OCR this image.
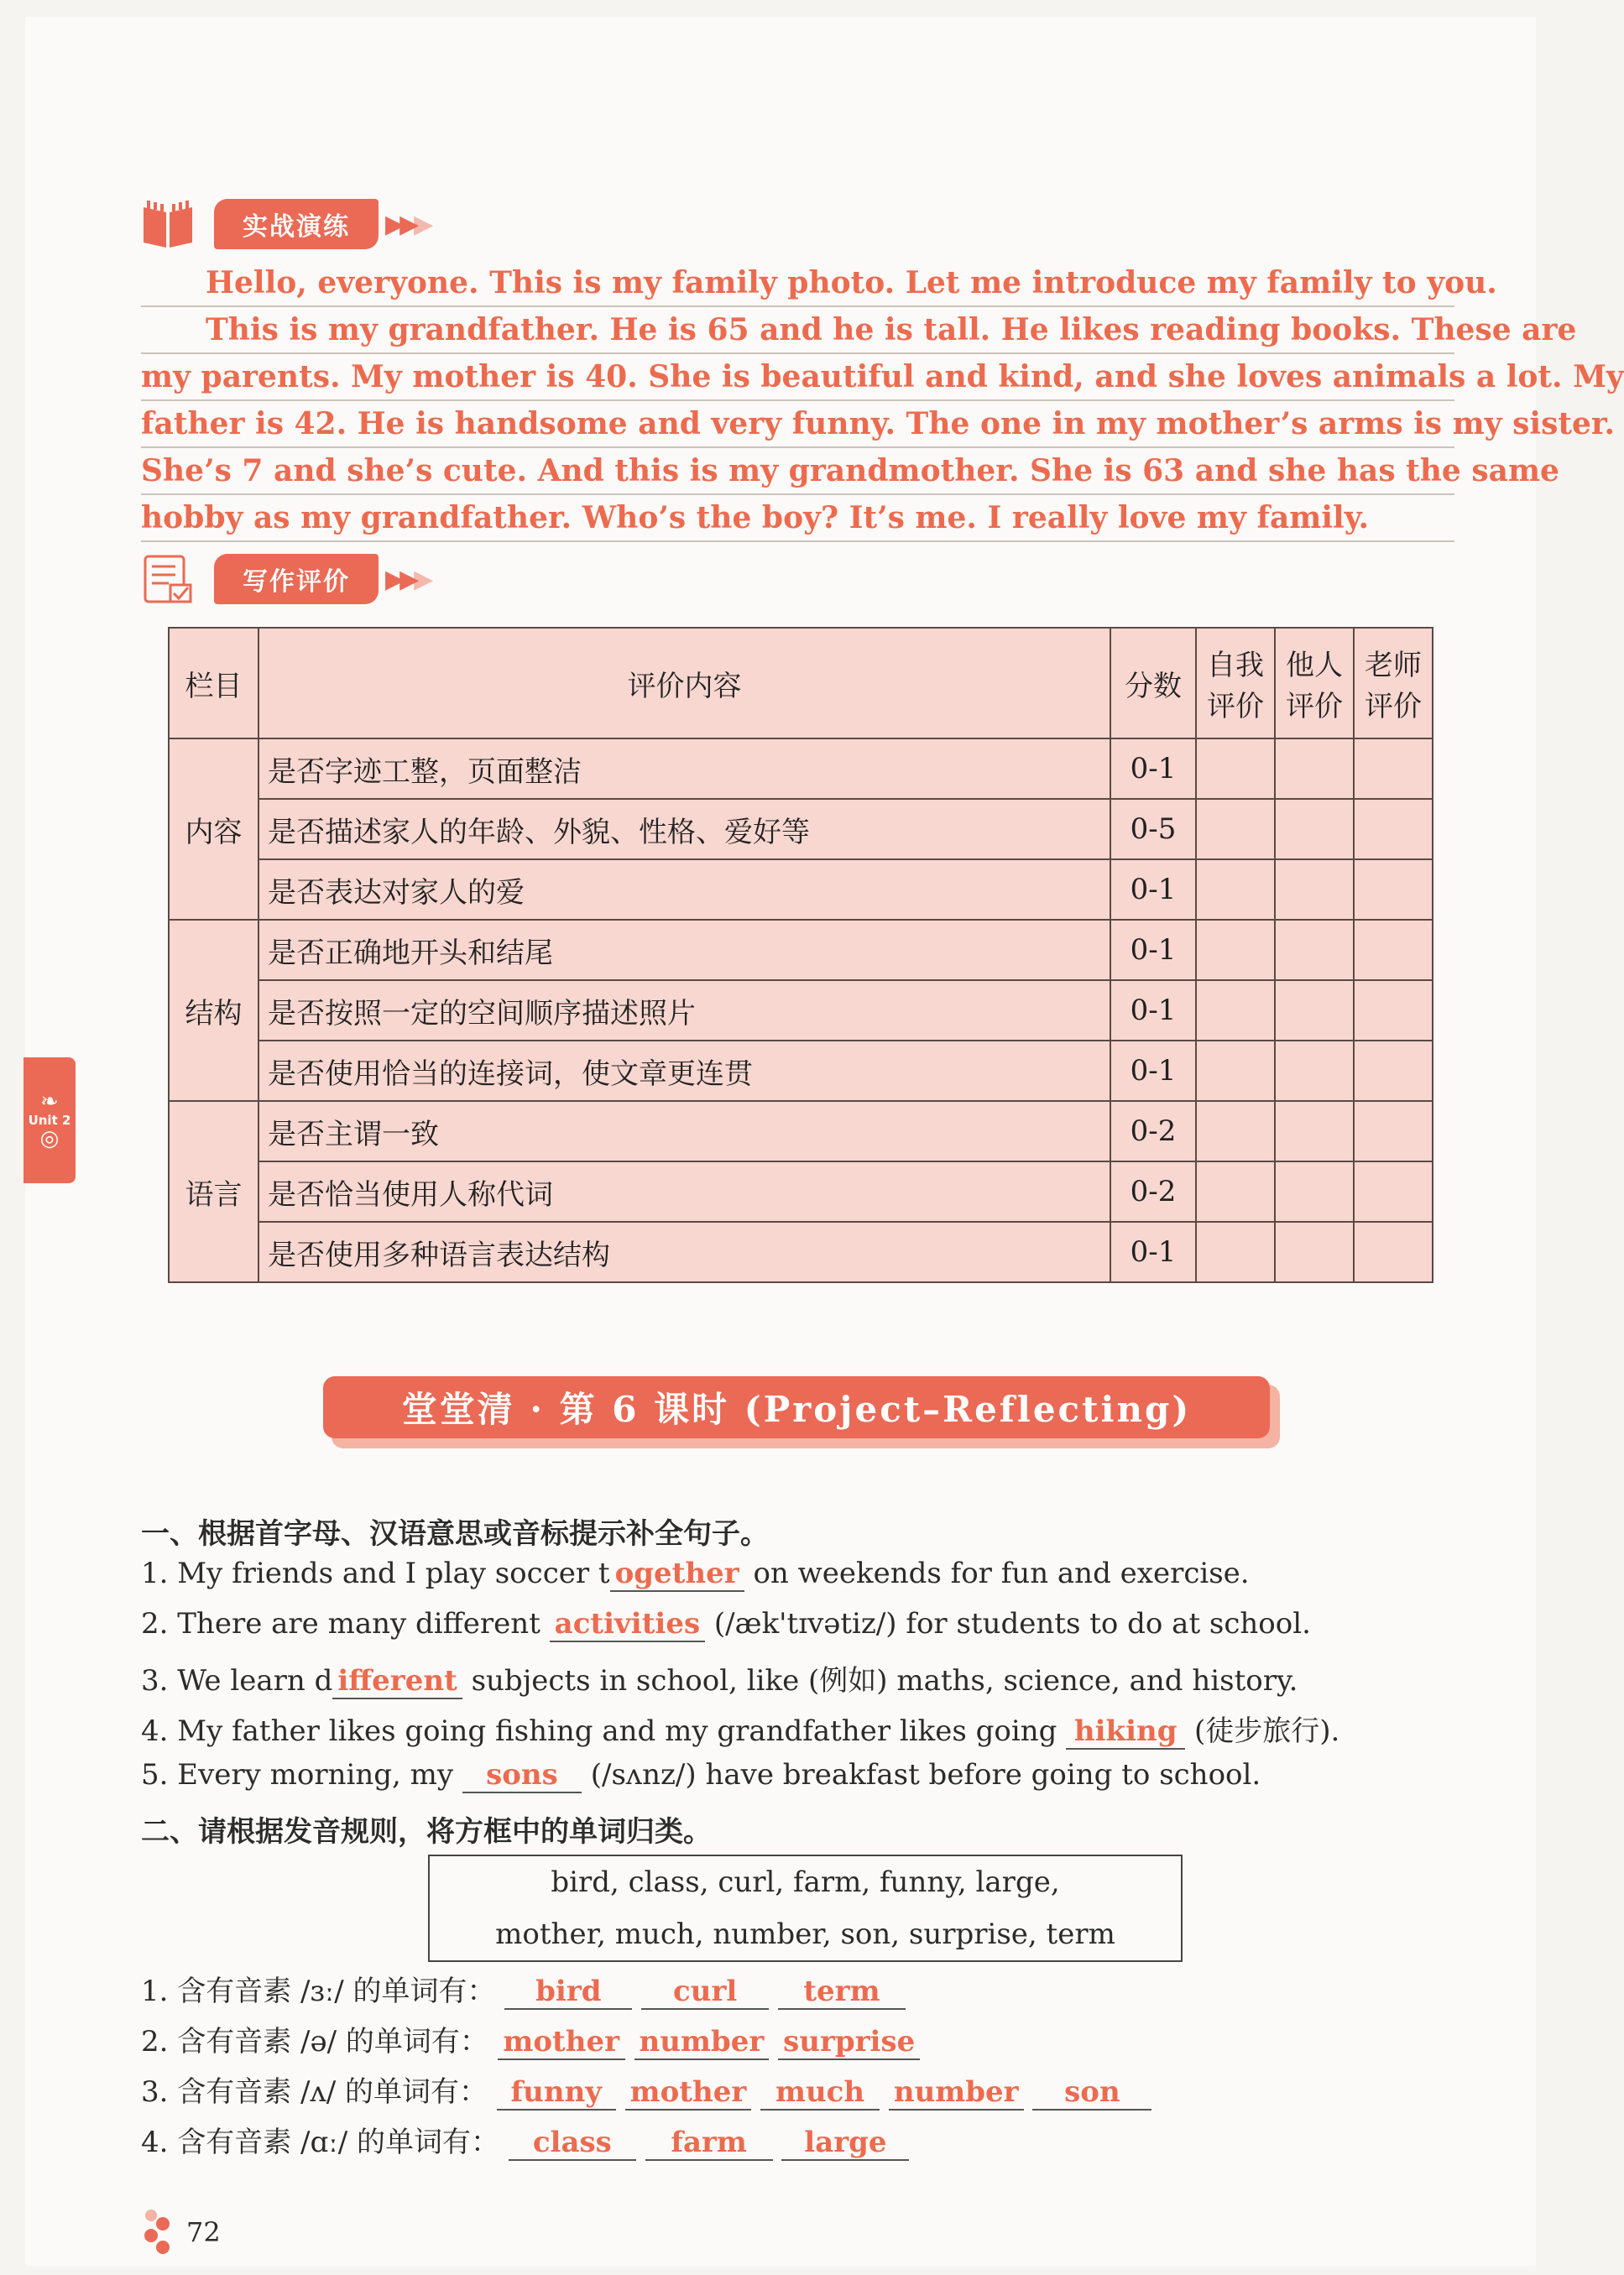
实战演练	▶▶▶
Hello, everyone. This is my family photo. Let me introduce my family to you.
This is my grandfather. He is 65 and he is tall. He likes reading books. These are
my parents. My mother is 40. She is beautiful and kind, and she loves animals a lot. My
father is 42. He is handsome and very funny. The one in my mother’s arms is my sister.
She’s 7 and she’s cute. And this is my grandmother. She is 63 and she has the same
hobby as my grandfather. Who’s the boy? It’s me. I really love my family.
写作评价	▶▶▶
栏目	评价内容	分数	自我评价	他人评价	老师评价
内容	是否字迹工整，页面整洁	0-1			
	是否描述家人的年龄、外貌、性格、爱好等	0-5			
	是否表达对家人的爱	0-1			
结构	是否正确地开头和结尾	0-1			
	是否按照一定的空间顺序描述照片	0-1			
	是否使用恰当的连接词，使文章更连贯	0-1			
语言	是否主谓一致	0-2			
	是否恰当使用人称代词	0-2			
	是否使用多种语言表达结构	0-1			
堂堂清 · 第 6 课时 (Project–Reflecting)
一、根据首字母、汉语意思或音标提示补全句子。
1. My friends and I play soccer t ogether on weekends for fun and exercise.
2. There are many different activities (/æk'tɪvətiz/) for students to do at school.
3. We learn d ifferent subjects in school, like (例如) maths, science, and history.
4. My father likes going fishing and my grandfather likes going hiking (徒步旅行).
5. Every morning, my sons (/sʌnz/) have breakfast before going to school.
二、请根据发音规则，将方框中的单词归类。
bird, class, curl, farm, funny, large,
mother, much, number, son, surprise, term
1. 含有音素 /ɜː/ 的单词有： bird	curl term
2. 含有音素 /ə/ 的单词有： mother number surprise
3. 含有音素 /ʌ/ 的单词有： funny mother much number son
4. 含有音素 /ɑː/ 的单词有： class farm large
❧
Unit 2
◎
72
